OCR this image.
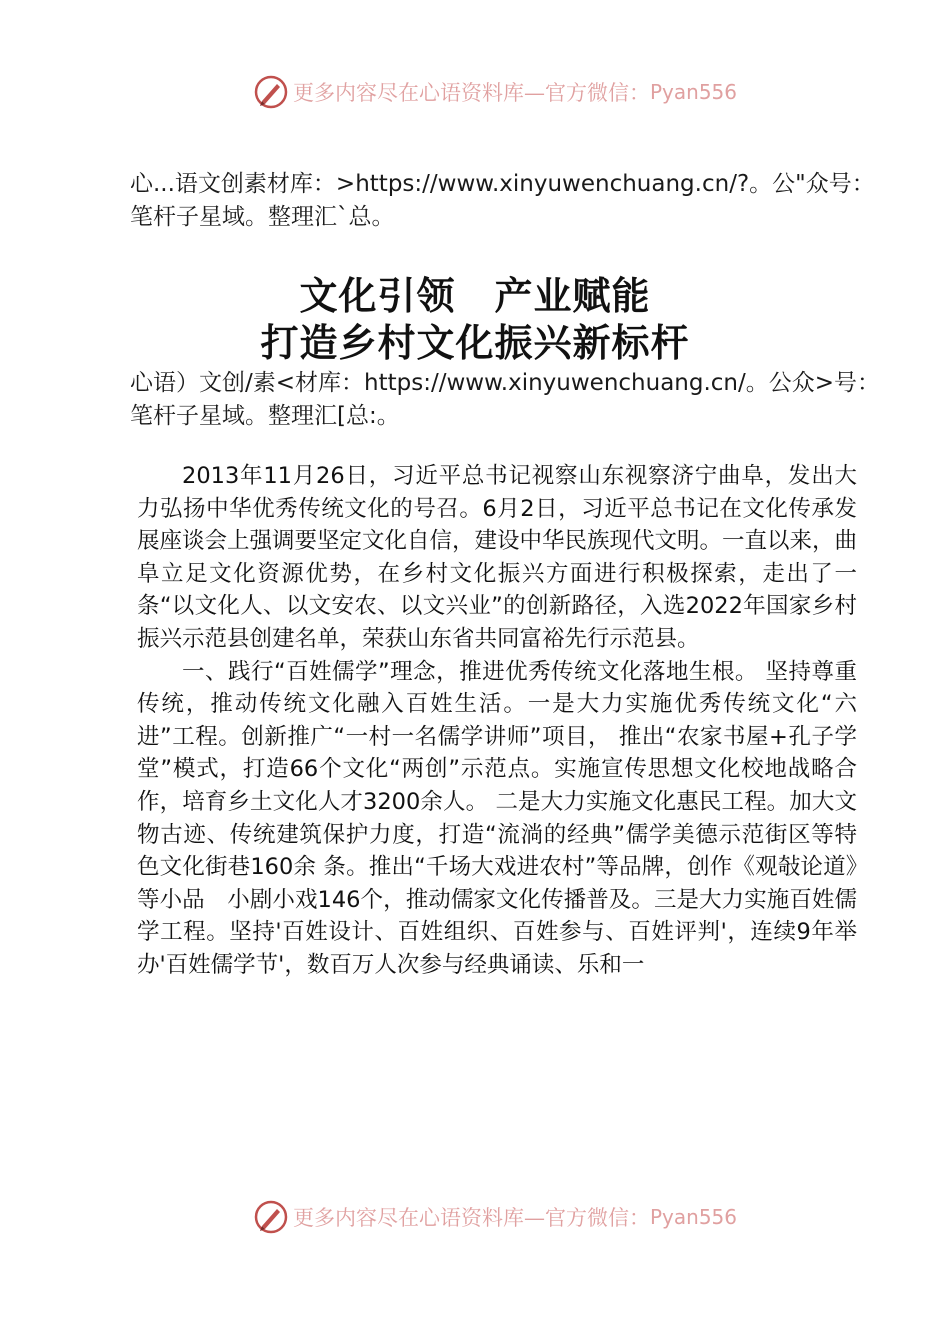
更多内容尽在心语资料库—官方微信： Pyan556
心...语文创素材库：>https://www.xinyuwenchuang.cn/?。公"众号：笔杆子星域。整理汇`总。
文化引领　产业赋能
打造乡村文化振兴新标杆
心语）文创/素<材库：https://www.xinyuwenchuang.cn/。公众>号：笔杆子星域。整理汇[总:。

2013年11月26日，习近平总书记视察山东视察济宁曲阜，发出大力弘扬中华优秀传统文化的号召。6月2日，习近平总书记在文化传承发展座谈会上强调要坚定文化自信，建设中华民族现代文明。一直以来，曲阜立足文化资源优势，在乡村文化振兴方面进行积极探索，走出了一条“以文化人、以文安农、以文兴业”的创新路径，入选2022年国家乡村振兴示范县创建名单，荣获山东省共同富裕先行示范县。

一、践行“百姓儒学”理念，推进优秀传统文化落地生根。 坚持尊重传统，推动传统文化融入百姓生活。一是大力实施优秀传统文化“六进”工程。创新推广“一村一名儒学讲师”项目， 推出“农家书屋+孔子学堂”模式，打造66个文化“两创”示范点。实施宣传思想文化校地战略合作，培育乡土文化人才3200余人。 二是大力实施文化惠民工程。加大文物古迹、传统建筑保护力度，打造“流淌的经典”儒学美德示范街区等特色文化街巷160余 条。推出“千场大戏进农村”等品牌，创作《观敧论道》等小品　小剧小戏146个，推动儒家文化传播普及。三是大力实施百姓儒学工程。坚持'百姓设计、百姓组织、百姓参与、百姓评判'，连续9年举办'百姓儒学节'，数百万人次参与经典诵读、乐和一

更多内容尽在心语资料库—官方微信： Pyan556
